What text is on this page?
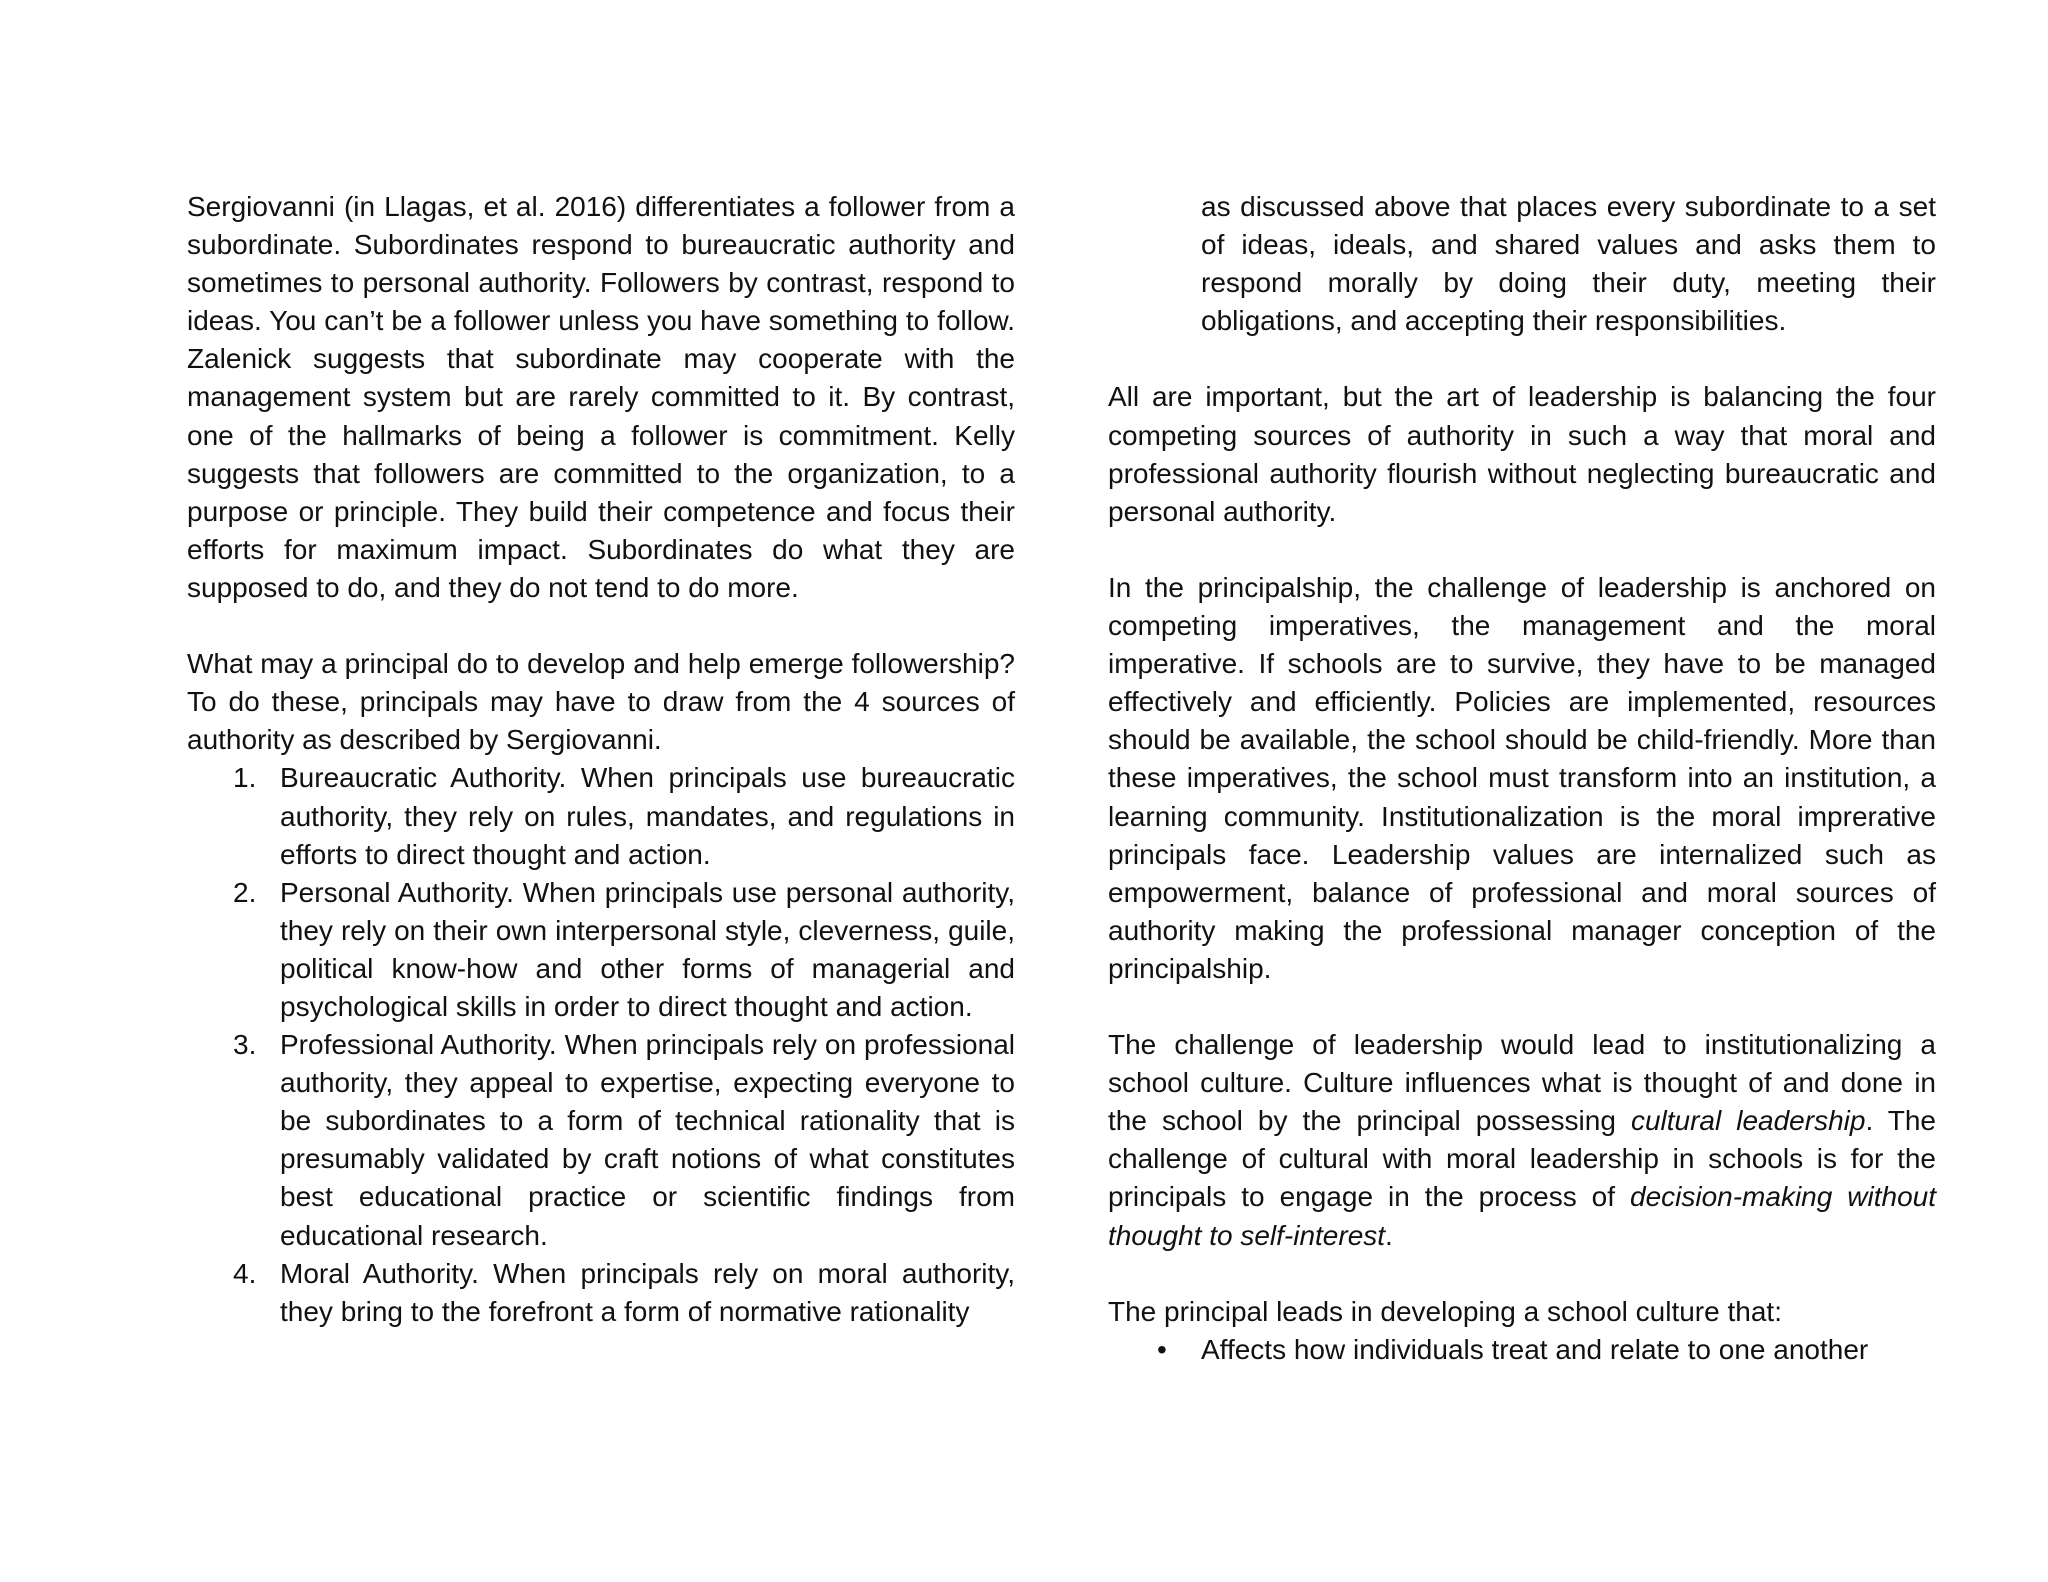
Sergiovanni (in Llagas, et al. 2016) differentiates a follower from a subordinate. Subordinates respond to bureaucratic authority and sometimes to personal authority. Followers by contrast, respond to ideas. You can’t be a follower unless you have something to follow. Zalenick suggests that subordinate may cooperate with the management system but are rarely committed to it. By contrast, one of the hallmarks of being a follower is commitment. Kelly suggests that followers are committed to the organization, to a purpose or principle. They build their competence and focus their efforts for maximum impact. Subordinates do what they are supposed to do, and they do not tend to do more.

What may a principal do to develop and help emerge followership? To do these, principals may have to draw from the 4 sources of authority as described by Sergiovanni.

1. Bureaucratic Authority. When principals use bureaucratic authority, they rely on rules, mandates, and regulations in efforts to direct thought and action.
2. Personal Authority. When principals use personal authority, they rely on their own interpersonal style, cleverness, guile, political know-how and other forms of managerial and psychological skills in order to direct thought and action.
3. Professional Authority. When principals rely on professional authority, they appeal to expertise, expecting everyone to be subordinates to a form of technical rationality that is presumably validated by craft notions of what constitutes best educational practice or scientific findings from educational research.
4. Moral Authority. When principals rely on moral authority, they bring to the forefront a form of normative rationality

as discussed above that places every subordinate to a set of ideas, ideals, and shared values and asks them to respond morally by doing their duty, meeting their obligations, and accepting their responsibilities.

All are important, but the art of leadership is balancing the four competing sources of authority in such a way that moral and professional authority flourish without neglecting bureaucratic and personal authority.

In the principalship, the challenge of leadership is anchored on competing imperatives, the management and the moral imperative. If schools are to survive, they have to be managed effectively and efficiently. Policies are implemented, resources should be available, the school should be child-friendly. More than these imperatives, the school must transform into an institution, a learning community. Institutionalization is the moral imprerative principals face. Leadership values are internalized such as empowerment, balance of professional and moral sources of authority making the professional manager conception of the principalship.

The challenge of leadership would lead to institutionalizing a school culture. Culture influences what is thought of and done in the school by the principal possessing cultural leadership. The challenge of cultural with moral leadership in schools is for the principals to engage in the process of decision-making without thought to self-interest.

The principal leads in developing a school culture that:

• Affects how individuals treat and relate to one another
